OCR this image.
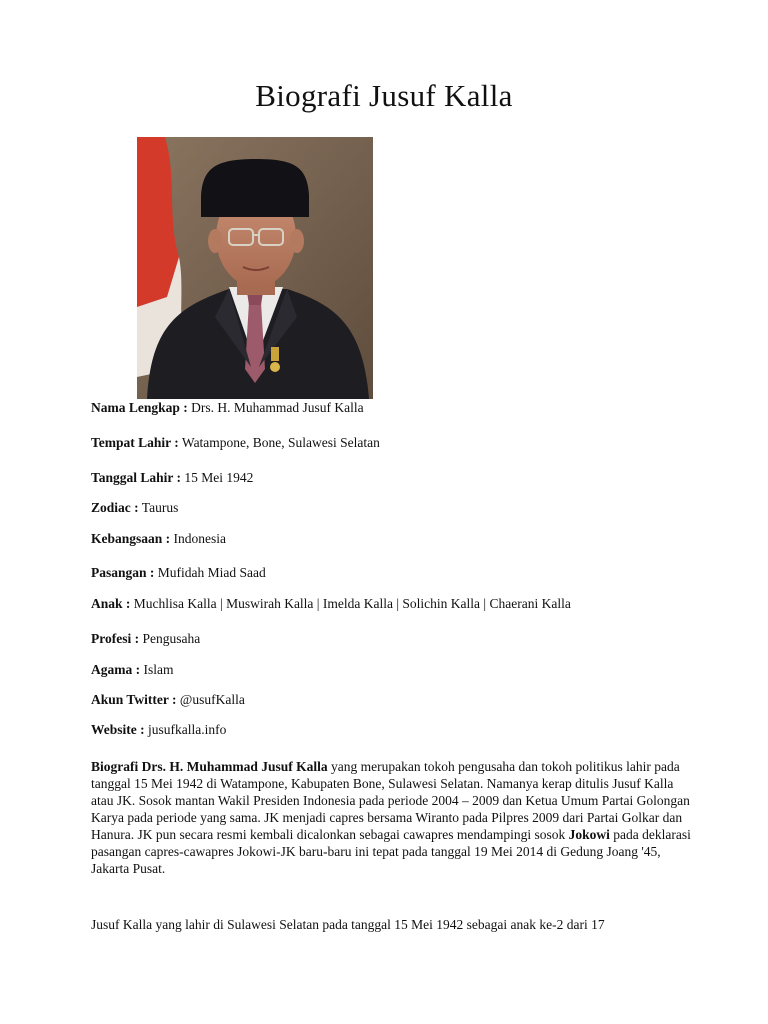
Biografi Jusuf Kalla
Nama Lengkap : Drs. H. Muhammad Jusuf Kalla
Tempat Lahir : Watampone, Bone, Sulawesi Selatan
Tanggal Lahir : 15 Mei 1942
Zodiac : Taurus
Kebangsaan : Indonesia
Pasangan : Mufidah Miad Saad
Anak : Muchlisa Kalla | Muswirah Kalla | Imelda Kalla | Solichin Kalla | Chaerani Kalla
Profesi : Pengusaha
Agama : Islam
Akun Twitter : @usufKalla
Website : jusufkalla.info

Biografi Drs. H. Muhammad Jusuf Kalla yang merupakan tokoh pengusaha dan tokoh politikus lahir pada tanggal 15 Mei 1942 di Watampone, Kabupaten Bone, Sulawesi Selatan. Namanya kerap ditulis Jusuf Kalla atau JK. Sosok mantan Wakil Presiden Indonesia pada periode 2004 – 2009 dan Ketua Umum Partai Golongan Karya pada periode yang sama. JK menjadi capres bersama Wiranto pada Pilpres 2009 dari Partai Golkar dan Hanura. JK pun secara resmi kembali dicalonkan sebagai cawapres mendampingi sosok Jokowi pada deklarasi pasangan capres-cawapres Jokowi-JK baru-baru ini tepat pada tanggal 19 Mei 2014 di Gedung Joang '45, Jakarta Pusat.

Jusuf Kalla yang lahir di Sulawesi Selatan pada tanggal 15 Mei 1942 sebagai anak ke-2 dari 17
